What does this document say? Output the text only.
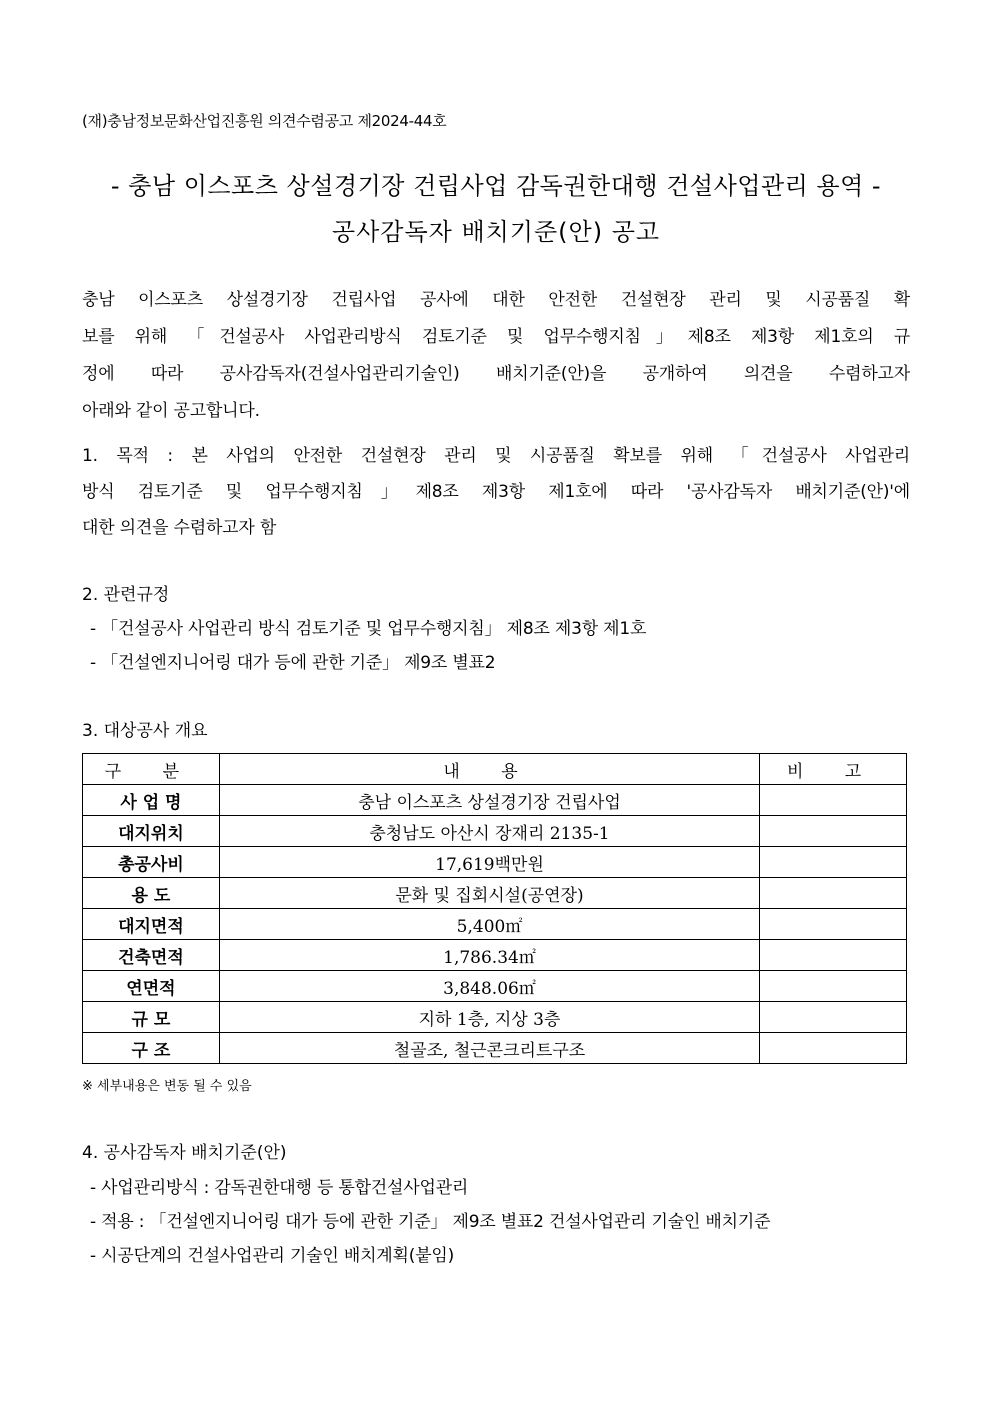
(재)충남정보문화산업진흥원 의견수렴공고 제2024-44호
- 충남 이스포츠 상설경기장 건립사업 감독권한대행 건설사업관리 용역 -
공사감독자 배치기준(안) 공고

충남 이스포츠 상설경기장 건립사업 공사에 대한 안전한 건설현장 관리 및 시공품질 확

보를 위해 「건설공사 사업관리방식 검토기준 및 업무수행지침」제8조 제3항 제1호의 규

정에 따라 공사감독자(건설사업관리기술인) 배치기준(안)을 공개하여 의견을 수렴하고자

아래와 같이 공고합니다.

1. 목적 : 본 사업의 안전한 건설현장 관리 및 시공품질 확보를 위해 「건설공사 사업관리

방식 검토기준 및 업무수행지침」제8조 제3항 제1호에 따라 '공사감독자 배치기준(안)'에

대한 의견을 수렴하고자 함

2. 관련규정
- 「건설공사 사업관리 방식 검토기준 및 업무수행지침」 제8조 제3항 제1호
- 「건설엔지니어링 대가 등에 관한 기준」 제9조 별표2
3. 대상공사 개요
구 분	내 용	비 고
사 업 명	충남 이스포츠 상설경기장 건립사업	
대지위치	충청남도 아산시 장재리 2135-1	
총공사비	17,619백만원	
용 도	문화 및 집회시설(공연장)	
대지면적	5,400㎡	
건축면적	1,786.34㎡	
연면적	3,848.06㎡	
규 모	지하 1층, 지상 3층	
구 조	철골조, 철근콘크리트구조	
※ 세부내용은 변동 될 수 있음
4. 공사감독자 배치기준(안)
- 사업관리방식 : 감독권한대행 등 통합건설사업관리
- 적용 : 「건설엔지니어링 대가 등에 관한 기준」 제9조 별표2 건설사업관리 기술인 배치기준
- 시공단계의 건설사업관리 기술인 배치계획(붙임)
